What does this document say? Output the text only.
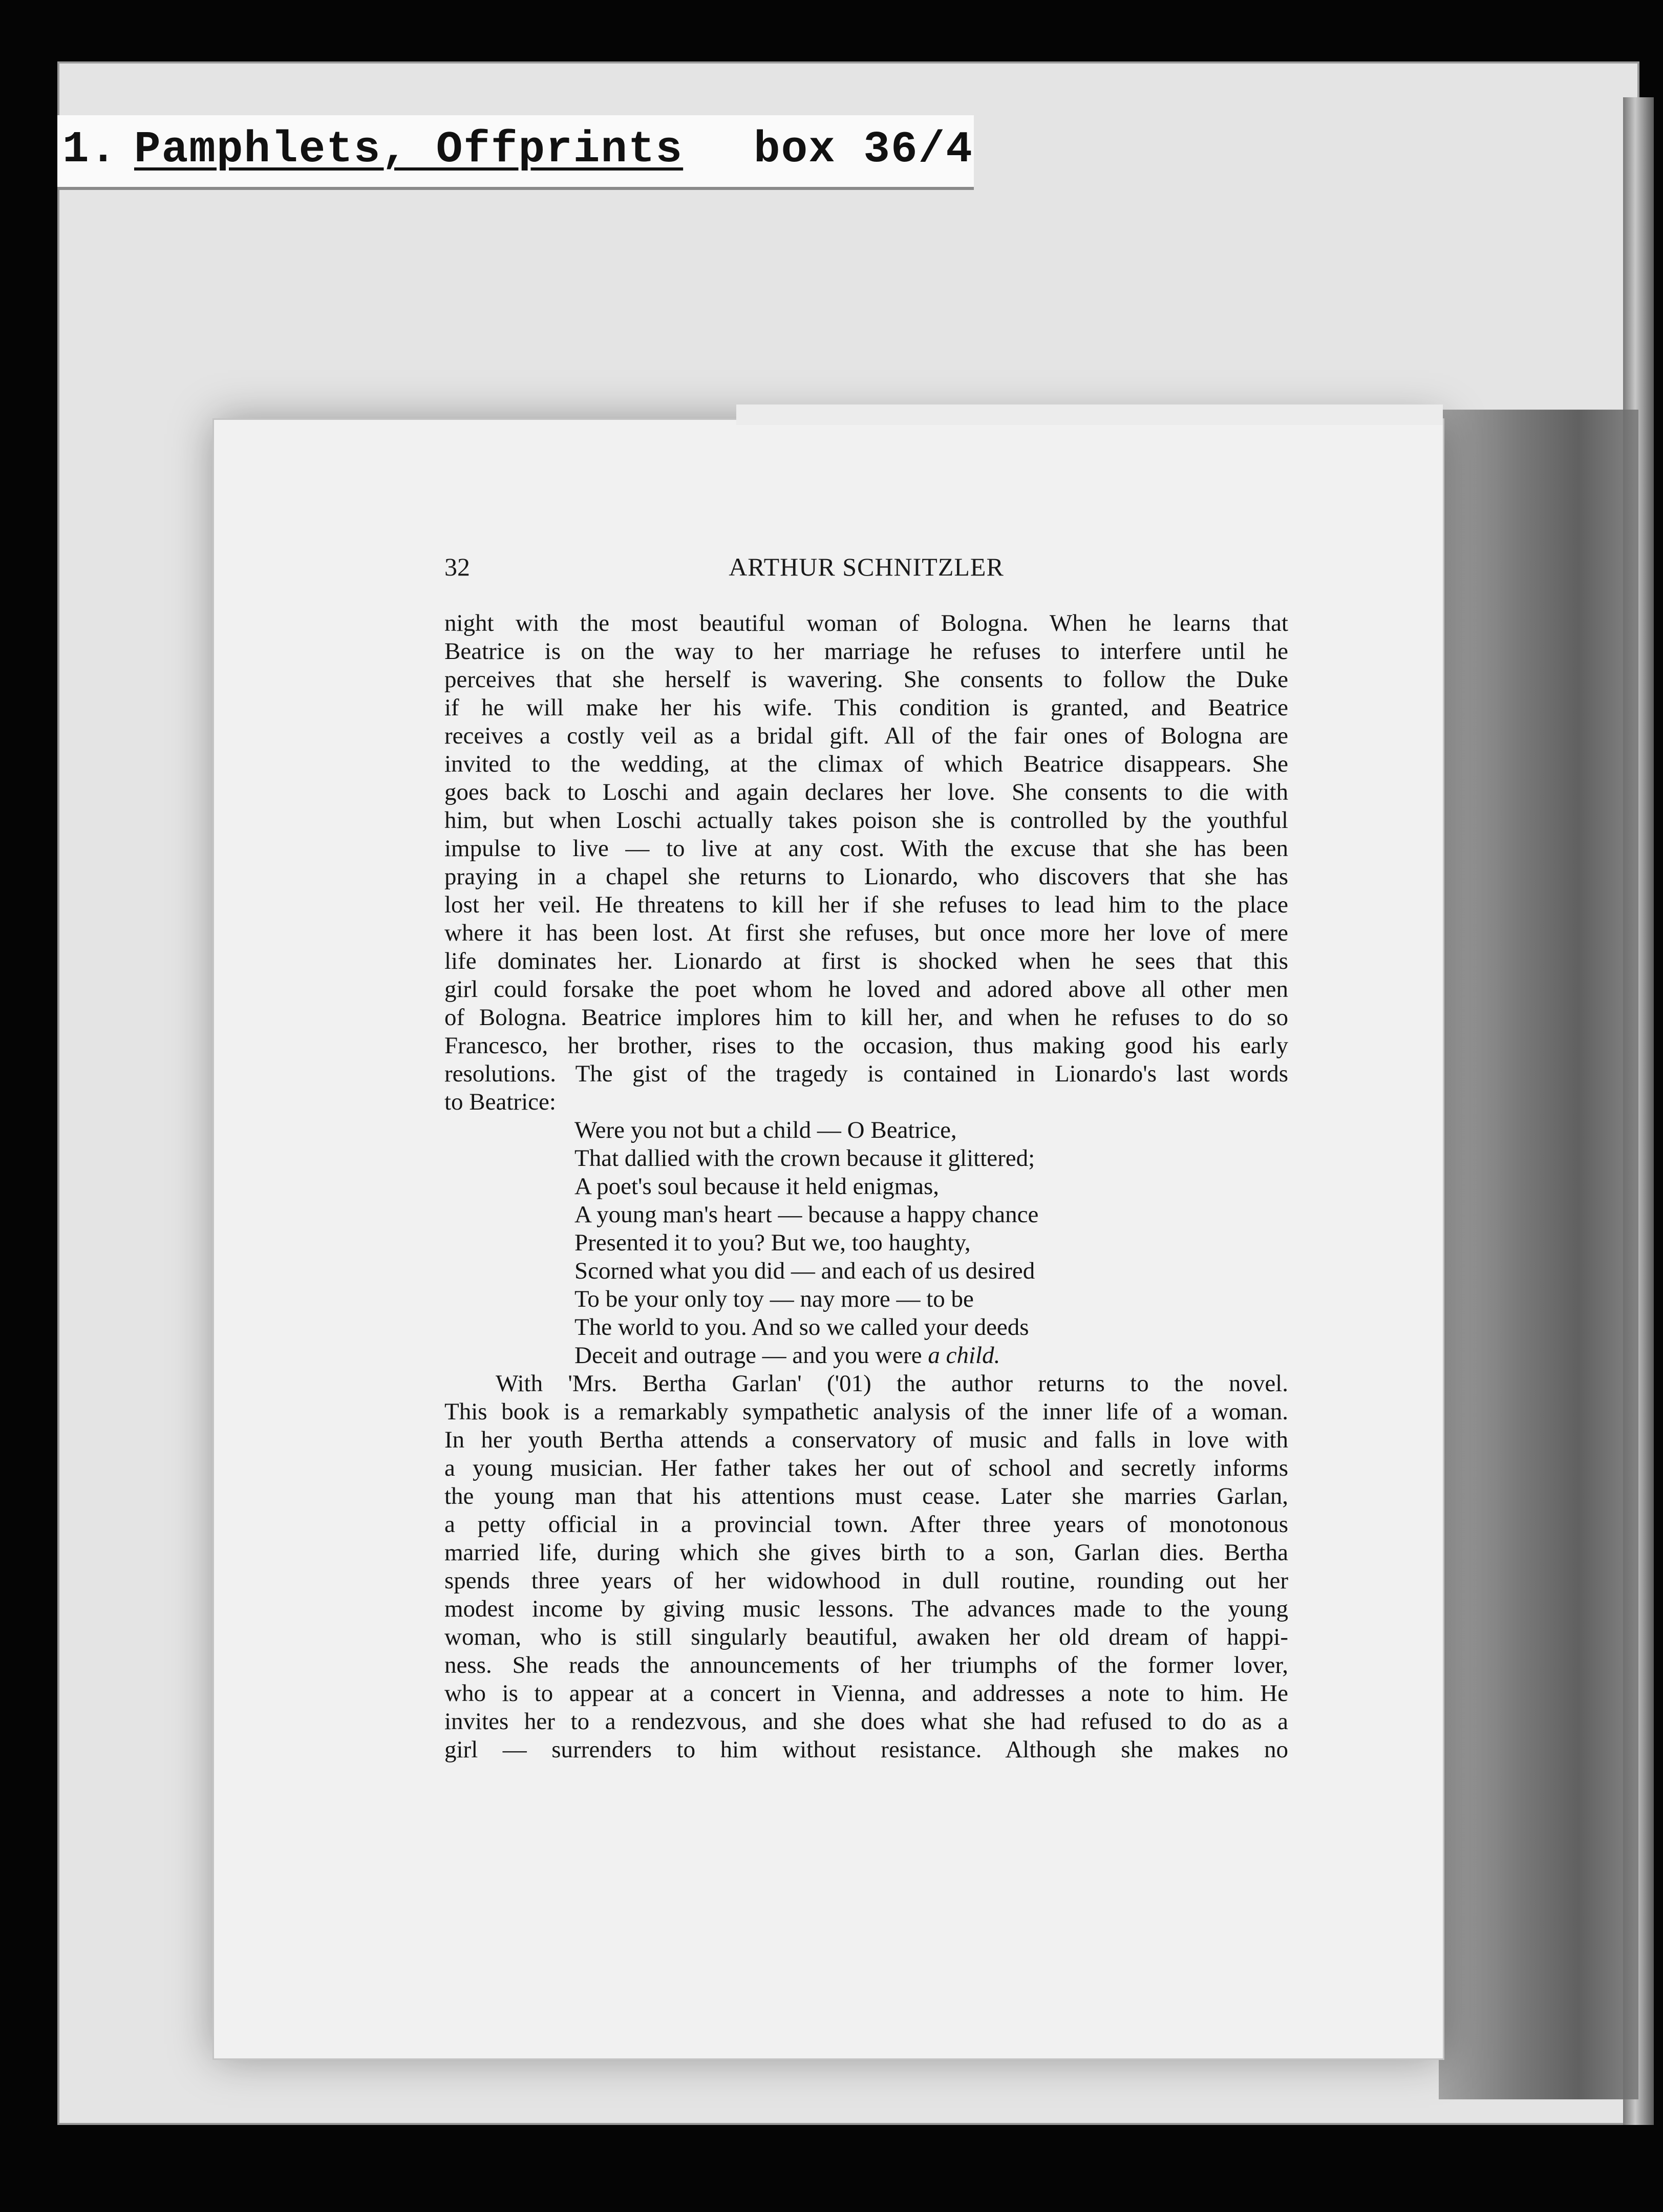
1. Pamphlets, Offprints box 36/4
32	ARTHUR SCHNITZLER
night with the most beautiful woman of Bologna. When he learns that
Beatrice is on the way to her marriage he refuses to interfere until he
perceives that she herself is wavering. She consents to follow the Duke
if he will make her his wife. This condition is granted, and Beatrice
receives a costly veil as a bridal gift. All of the fair ones of Bologna are
invited to the wedding, at the climax of which Beatrice disappears. She
goes back to Loschi and again declares her love. She consents to die with
him, but when Loschi actually takes poison she is controlled by the youthful
impulse to live — to live at any cost. With the excuse that she has been
praying in a chapel she returns to Lionardo, who discovers that she has
lost her veil. He threatens to kill her if she refuses to lead him to the place
where it has been lost. At first she refuses, but once more her love of mere
life dominates her. Lionardo at first is shocked when he sees that this
girl could forsake the poet whom he loved and adored above all other men
of Bologna. Beatrice implores him to kill her, and when he refuses to do so
Francesco, her brother, rises to the occasion, thus making good his early
resolutions. The gist of the tragedy is contained in Lionardo's last words
to Beatrice:
Were you not but a child — O Beatrice,
That dallied with the crown because it glittered;
A poet's soul because it held enigmas,
A young man's heart — because a happy chance
Presented it to you? But we, too haughty,
Scorned what you did — and each of us desired
To be your only toy — nay more — to be
The world to you. And so we called your deeds
Deceit and outrage — and you were a child.
With 'Mrs. Bertha Garlan' ('01) the author returns to the novel.
This book is a remarkably sympathetic analysis of the inner life of a woman.
In her youth Bertha attends a conservatory of music and falls in love with
a young musician. Her father takes her out of school and secretly informs
the young man that his attentions must cease. Later she marries Garlan,
a petty official in a provincial town. After three years of monotonous
married life, during which she gives birth to a son, Garlan dies. Bertha
spends three years of her widowhood in dull routine, rounding out her
modest income by giving music lessons. The advances made to the young
woman, who is still singularly beautiful, awaken her old dream of happi-
ness. She reads the announcements of her triumphs of the former lover,
who is to appear at a concert in Vienna, and addresses a note to him. He
invites her to a rendezvous, and she does what she had refused to do as a
girl — surrenders to him without resistance. Although she makes no
